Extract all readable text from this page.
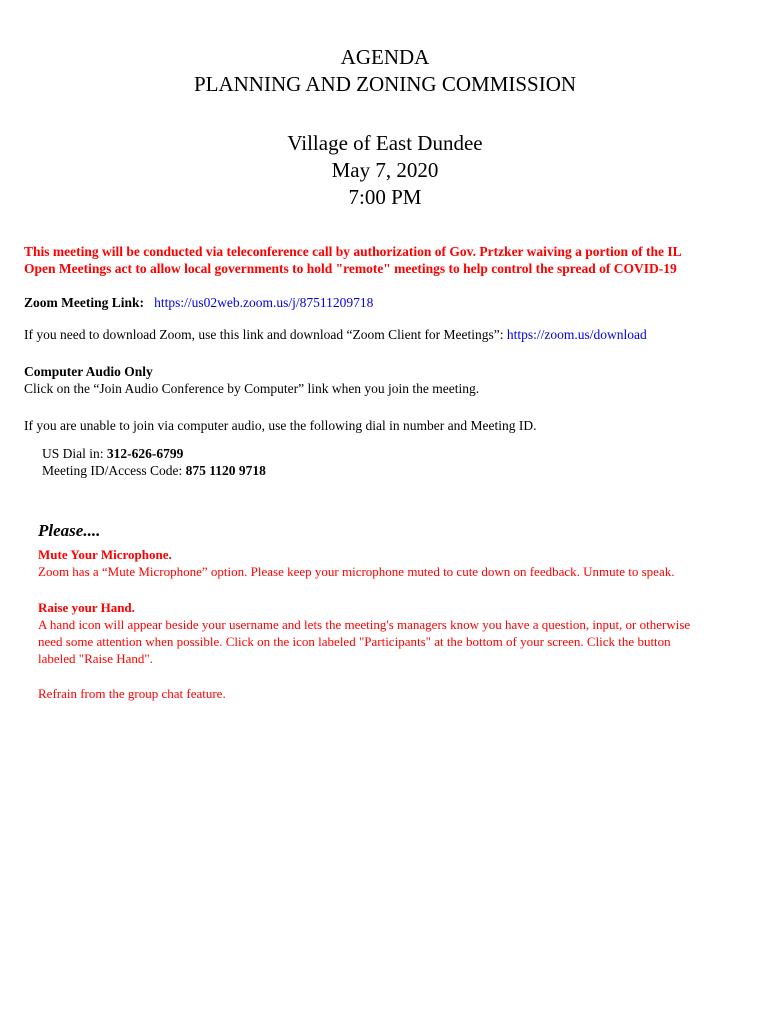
AGENDA
PLANNING AND ZONING COMMISSION
Village of East Dundee
May 7, 2020
7:00 PM
This meeting will be conducted via teleconference call by authorization of Gov. Prtzker waiving a portion of the IL
Open Meetings act to allow local governments to hold "remote" meetings to help control the spread of COVID-19
Zoom Meeting Link: https://us02web.zoom.us/j/87511209718
If you need to download Zoom, use this link and download “Zoom Client for Meetings”: https://zoom.us/download
Computer Audio Only
Click on the “Join Audio Conference by Computer” link when you join the meeting.
If you are unable to join via computer audio, use the following dial in number and Meeting ID.
US Dial in: 312-626-6799
Meeting ID/Access Code: 875 1120 9718
Please....
Mute Your Microphone.
Zoom has a “Mute Microphone” option. Please keep your microphone muted to cute down on feedback. Unmute to speak.
Raise your Hand.
A hand icon will appear beside your username and lets the meeting's managers know you have a question, input, or otherwise
need some attention when possible. Click on the icon labeled "Participants" at the bottom of your screen. Click the button
labeled "Raise Hand".
Refrain from the group chat feature.
